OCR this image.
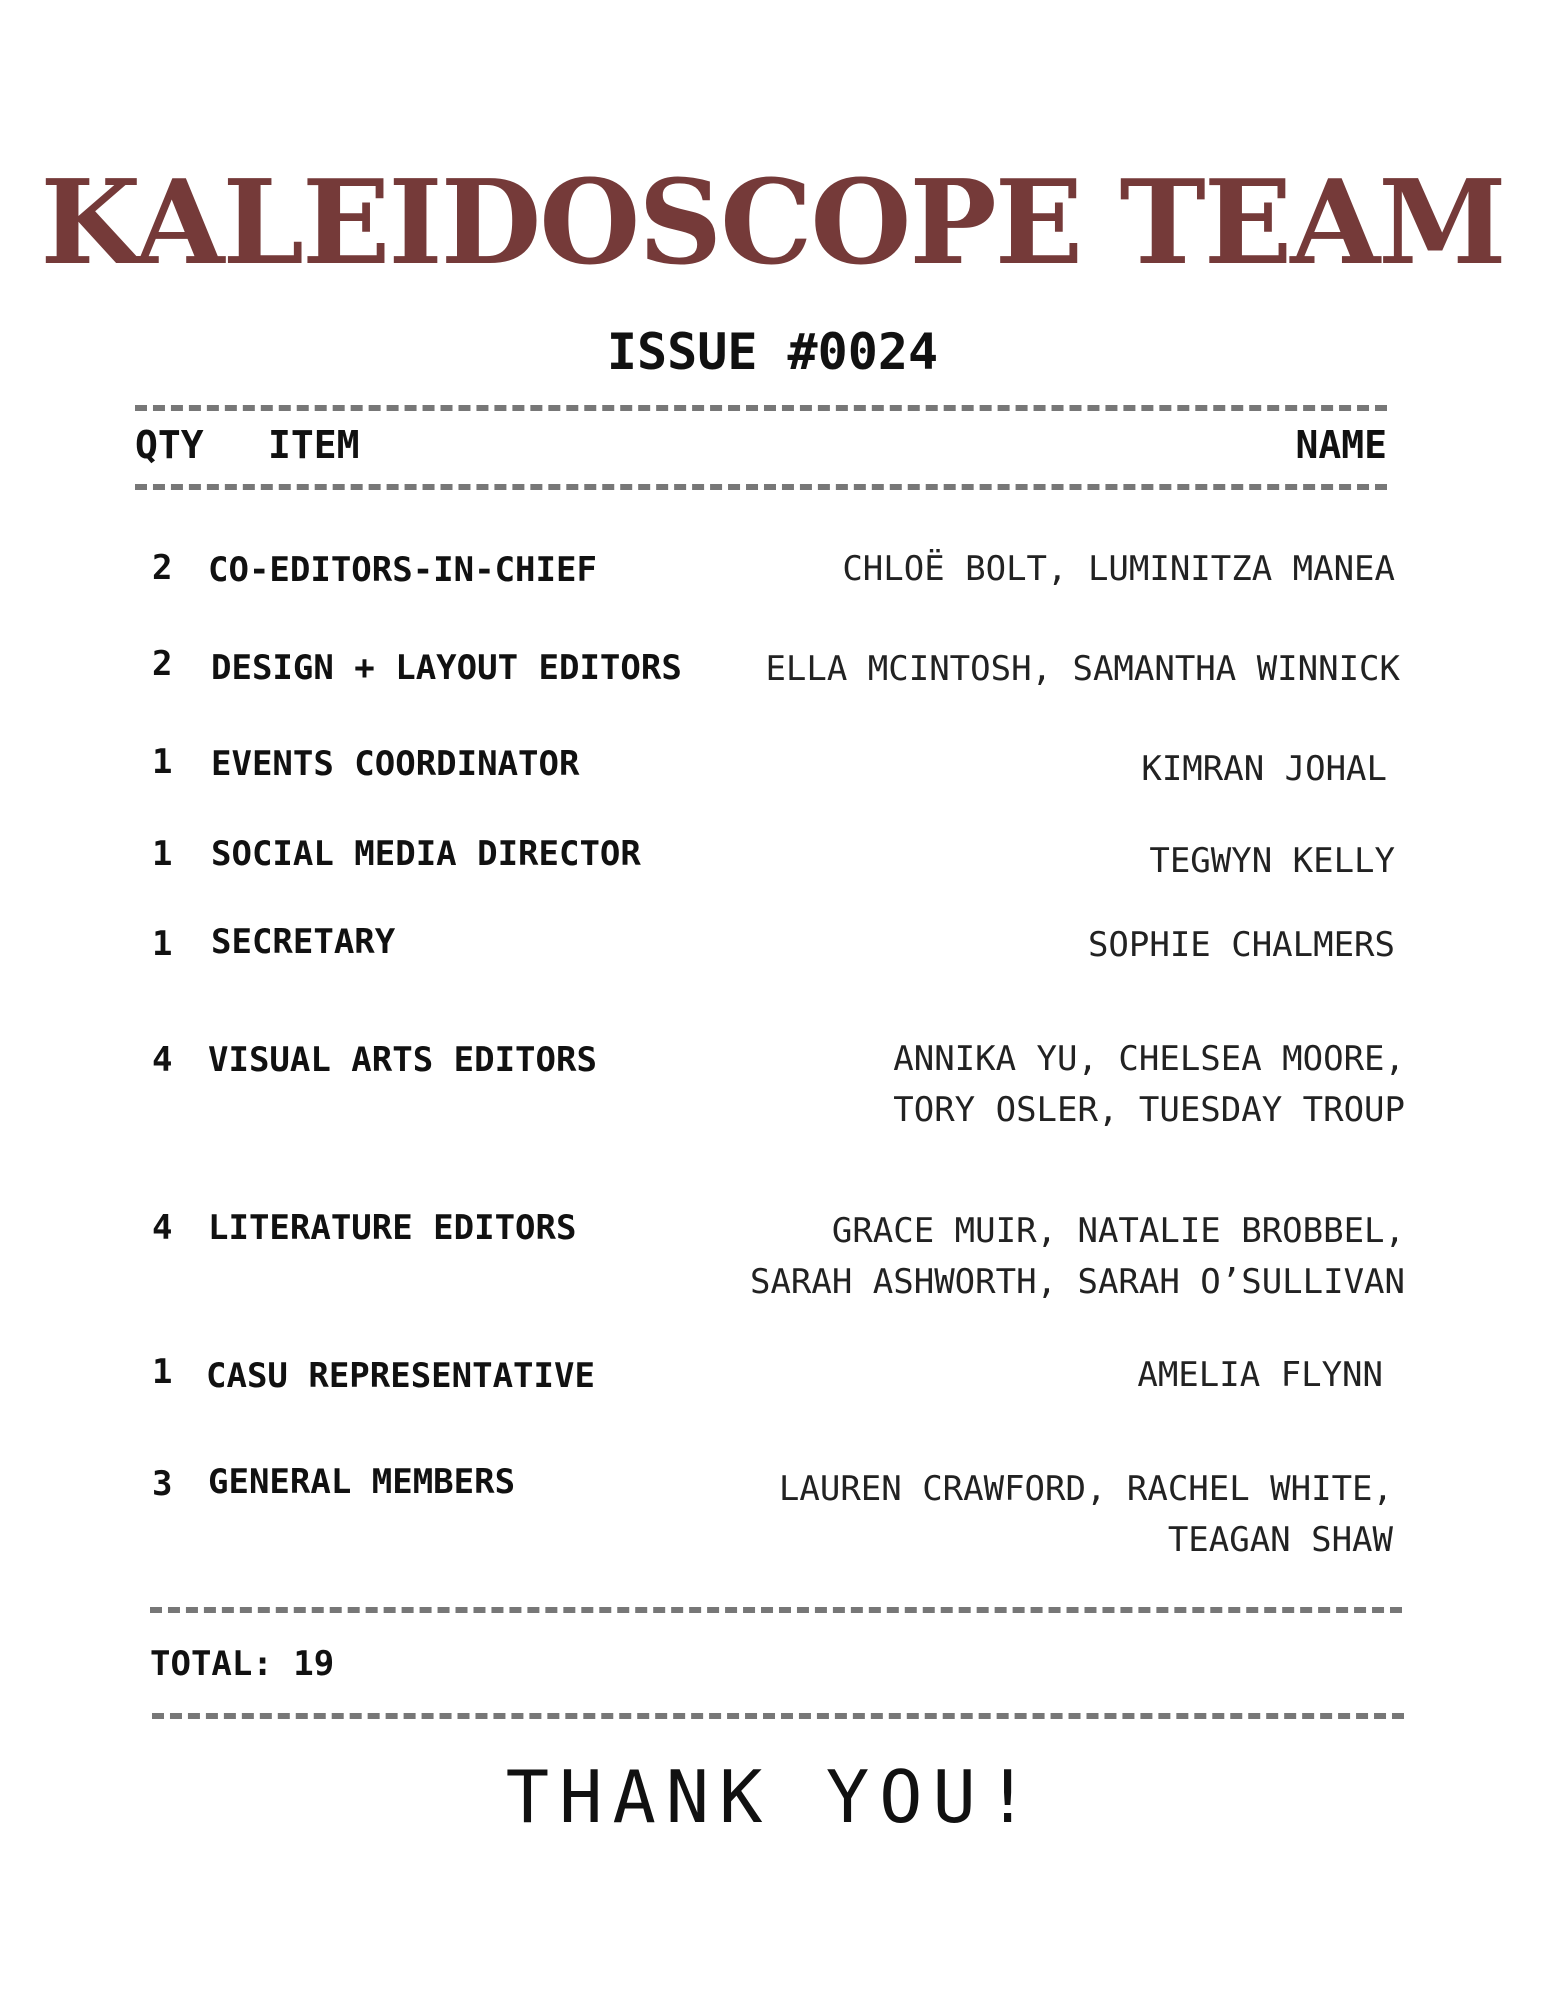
KALEIDOSCOPE TEAM
ISSUE #0024
QTY ITEM	NAME
2 CO-EDITORS-IN-CHIEF	CHLOË BOLT, LUMINITZA MANEA
2 DESIGN + LAYOUT EDITORS	ELLA MCINTOSH, SAMANTHA WINNICK
1 EVENTS COORDINATOR	KIMRAN JOHAL
1 SOCIAL MEDIA DIRECTOR	TEGWYN KELLY
1 SECRETARY	SOPHIE CHALMERS
4 VISUAL ARTS EDITORS	ANNIKA YU, CHELSEA MOORE,
TORY OSLER, TUESDAY TROUP
4 LITERATURE EDITORS	GRACE MUIR, NATALIE BROBBEL,
SARAH ASHWORTH, SARAH O’SULLIVAN
1 CASU REPRESENTATIVE	AMELIA FLYNN
3 GENERAL MEMBERS	LAUREN CRAWFORD, RACHEL WHITE,
TEAGAN SHAW
TOTAL: 19
THANK YOU!
